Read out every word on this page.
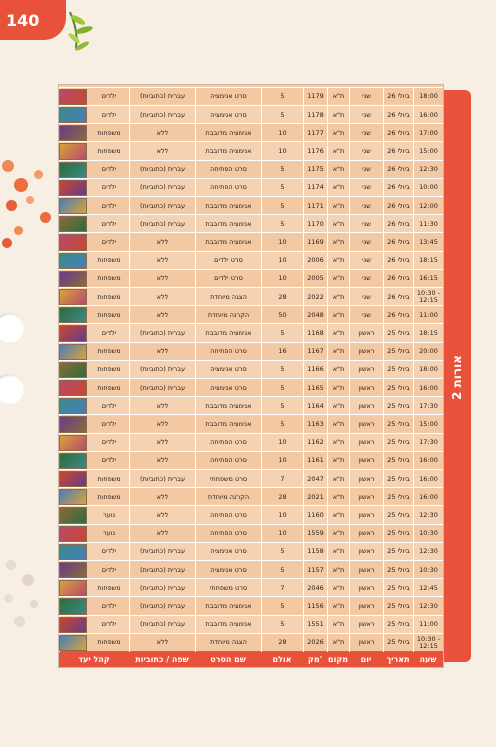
140
2 אורות
שעה
תאריך
יום
מקום
מק'
אולם
שם הסרט
שפה / כתוביות
קהל יעד
10:30 - 12:15
25 ביולי
ראשון
ת"א
2026
28
הצגה מיוחדת
ללא
משפחות
11:00
25 ביולי
ראשון
ת"א
1551
5
אנימציה מדובבת
עברית (כתוביות)
ילדים
12:30
25 ביולי
ראשון
ת"א
1156
5
אנימציה מדובבת
עברית (כתוביות)
ילדים
12:45
25 ביולי
ראשון
ת"א
2046
7
סרט משפחתי
עברית (כתוביות)
משפחות
10:30
25 ביולי
ראשון
ת"א
1157
5
סרט אנימציה
עברית (כתוביות)
ילדים
12:30
25 ביולי
ראשון
ת"א
1158
5
סרט אנימציה
עברית (כתוביות)
ילדים
10:30
25 ביולי
ראשון
ת"א
1559
10
סרט הפתיחה
ללא
נוער
12:30
25 ביולי
ראשון
ת"א
1160
10
סרט הפתיחה
ללא
נוער
16:00
25 ביולי
ראשון
ת"א
2021
28
הקרנה מיוחדת
ללא
משפחות
16:00
25 ביולי
ראשון
ת"א
2047
7
סרט משפחתי
עברית (כתוביות)
משפחות
16:00
25 ביולי
ראשון
ת"א
1161
10
סרט הפתיחה
ללא
ילדים
17:30
25 ביולי
ראשון
ת"א
1162
10
סרט הפתיחה
ללא
ילדים
15:00
25 ביולי
ראשון
ת"א
1163
5
אנימציה מדובבת
ללא
ילדים
17:30
25 ביולי
ראשון
ת"א
1164
5
אנימציה מדובבת
ללא
ילדים
16:00
25 ביולי
ראשון
ת"א
1165
5
סרט אנימציה
עברית (כתוביות)
משפחות
18:00
25 ביולי
ראשון
ת"א
1166
5
סרט אנימציה
עברית (כתוביות)
משפחות
20:00
25 ביולי
ראשון
ת"א
1167
16
סרט הפתיחה
ללא
משפחות
18:15
25 ביולי
ראשון
ת"א
1168
5
אנימציה מדובבת
עברית (כתוביות)
ילדים
11:00
26 ביולי
שני
ת"א
2048
50
הקרנה מיוחדת
ללא
משפחות
10:30 - 12:15
26 ביולי
שני
ת"א
2022
28
הצגה מיוחדת
ללא
משפחות
16:15
26 ביולי
שני
ת"א
2005
10
סרט ילדים
ללא
משפחות
18:15
26 ביולי
שני
ת"א
2006
10
סרט ילדים
ללא
משפחות
13:45
26 ביולי
שני
ת"א
1169
10
אנימציה מדובבת
ללא
ילדים
11:30
26 ביולי
שני
ת"א
1170
5
אנימציה מדובבת
עברית (כתוביות)
ילדים
12:00
26 ביולי
שני
ת"א
1171
5
אנימציה מדובבת
עברית (כתוביות)
ילדים
10:00
26 ביולי
שני
ת"א
1174
5
סרט הפתיחה
עברית (כתוביות)
ילדים
12:30
26 ביולי
שני
ת"א
1175
5
סרט הפתיחה
עברית (כתוביות)
ילדים
15:00
26 ביולי
שני
ת"א
1176
10
אנימציה מדובבת
ללא
משפחות
17:00
26 ביולי
שני
ת"א
1177
10
אנימציה מדובבת
ללא
משפחות
16:00
26 ביולי
שני
ת"א
1178
5
סרט אנימציה
עברית (כתוביות)
ילדים
18:00
26 ביולי
שני
ת"א
1179
5
סרט אנימציה
עברית (כתוביות)
ילדים
